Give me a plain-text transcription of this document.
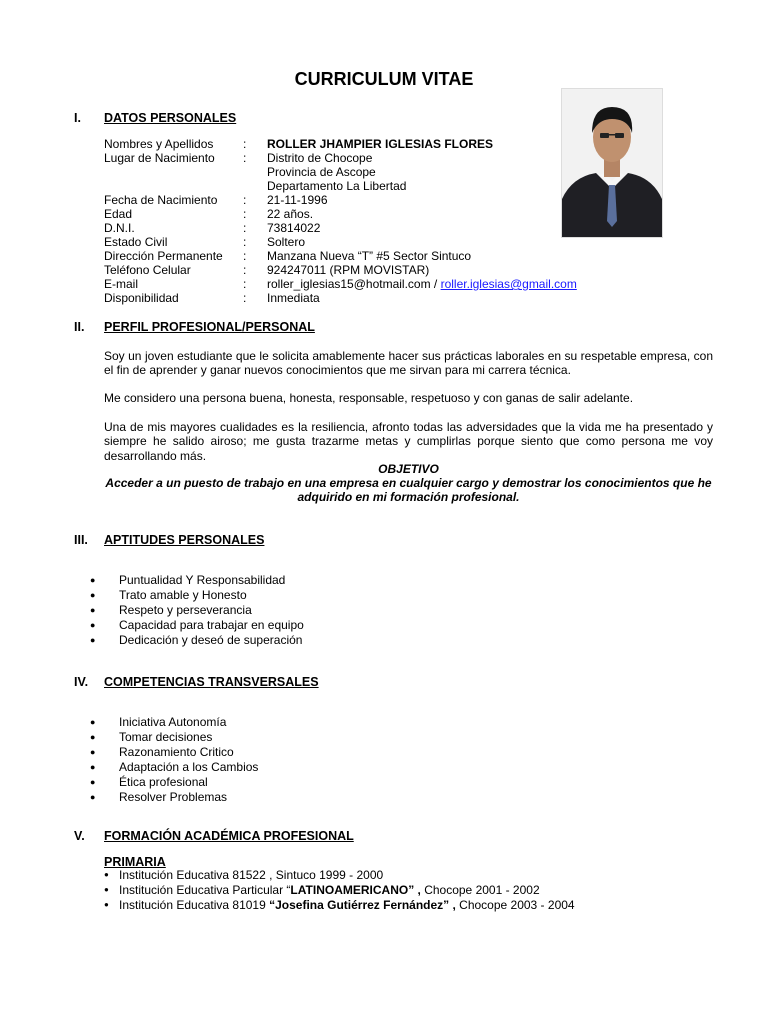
CURRICULUM VITAE
I. DATOS PERSONALES
Nombres y Apellidos : ROLLER JHAMPIER IGLESIAS FLORES
Lugar de Nacimiento : Distrito de Chocope
Provincia de Ascope
Departamento La Libertad
Fecha de Nacimiento : 21-11-1996
Edad	: 22 años.
D.N.I.	: 73814022
Estado Civil	: Soltero
Dirección Permanente : Manzana Nueva “T” #5 Sector Sintuco
Teléfono Celular	: 924247011 (RPM MOVISTAR)
E-mail	: roller_iglesias15@hotmail.com / roller.iglesias@gmail.com
Disponibilidad	: Inmediata
II. PERFIL PROFESIONAL/PERSONAL
Soy un joven estudiante que le solicita amablemente hacer sus prácticas laborales en su respetable empresa, con el fin de aprender y ganar nuevos conocimientos que me sirvan para mi carrera técnica.
Me considero una persona buena, honesta, responsable, respetuoso y con ganas de salir adelante.
Una de mis mayores cualidades es la resiliencia, afronto todas las adversidades que la vida me ha presentado y siempre he salido airoso; me gusta trazarme metas y cumplirlas porque siento que como persona me voy desarrollando más.
OBJETIVO
Acceder a un puesto de trabajo en una empresa en cualquier cargo y demostrar los conocimientos que he adquirido en mi formación profesional.
III. APTITUDES PERSONALES
● Puntualidad Y Responsabilidad
● Trato amable y Honesto
● Respeto y perseverancia
● Capacidad para trabajar en equipo
● Dedicación y deseó de superación
IV. COMPETENCIAS TRANSVERSALES
● Iniciativa Autonomía
● Tomar decisiones
● Razonamiento Critico
● Adaptación a los Cambios
● Ética profesional
● Resolver Problemas
V. FORMACIÓN ACADÉMICA PROFESIONAL
PRIMARIA
● Institución Educativa 81522 , Sintuco 1999 - 2000
● Institución Educativa Particular “LATINOAMERICANO” , Chocope 2001 - 2002
● Institución Educativa 81019 “Josefina Gutiérrez Fernández” , Chocope 2003 - 2004
